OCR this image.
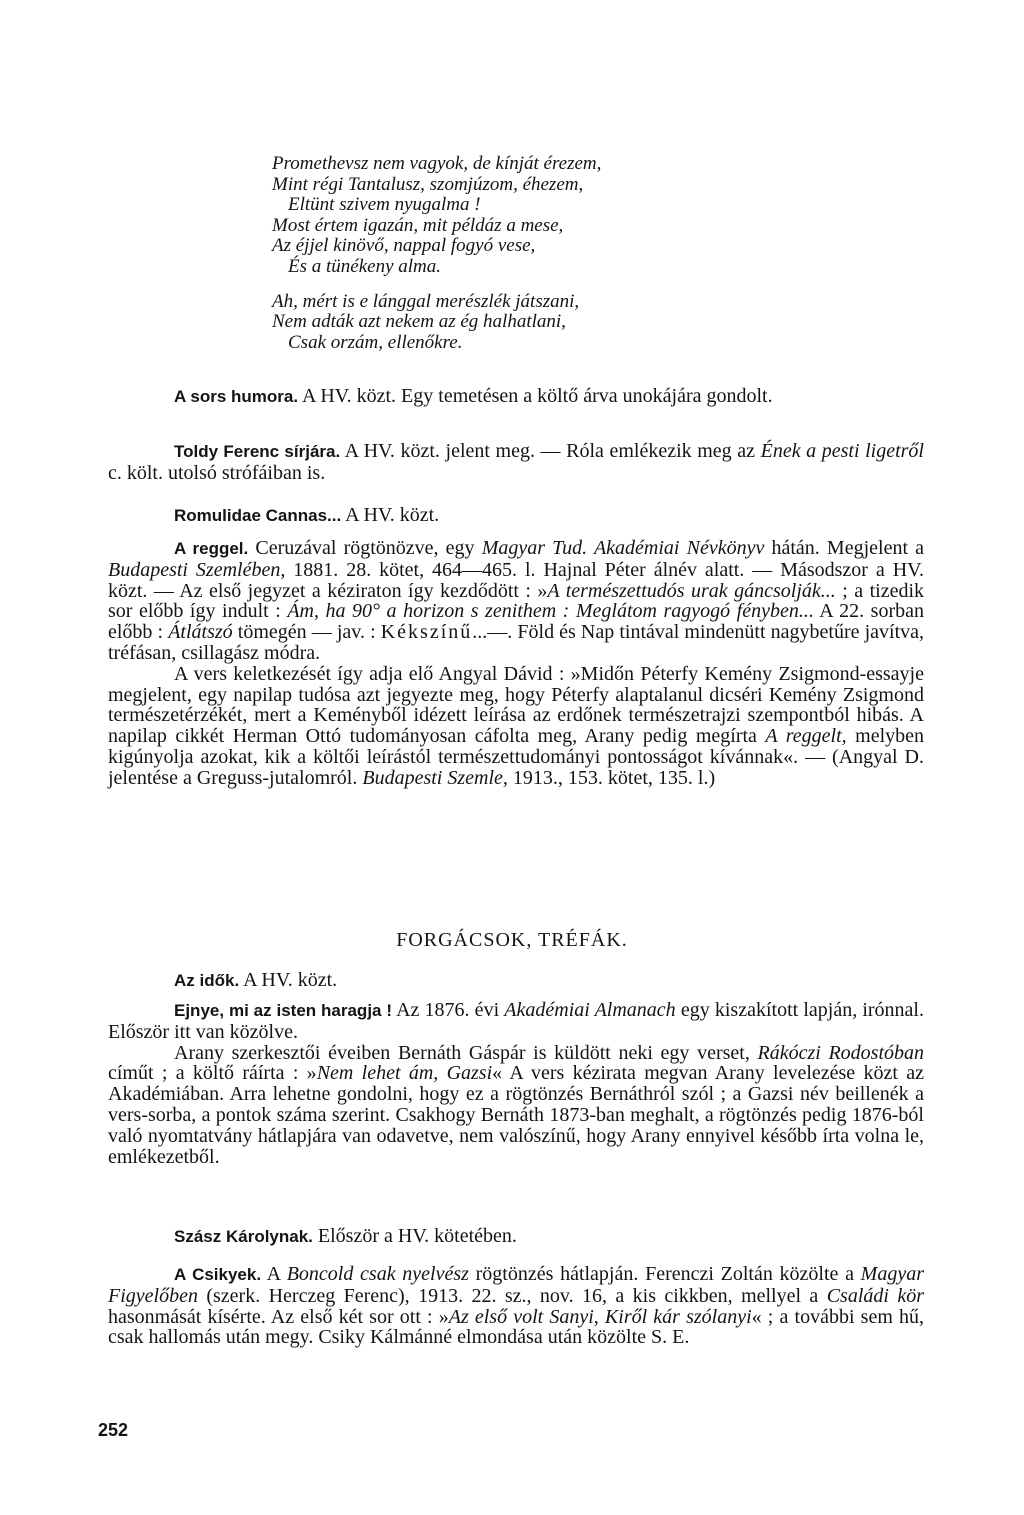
Promethevsz nem vagyok, de kínját érezem,
Mint régi Tantalusz, szomjúzom, éhezem,
Eltünt szivem nyugalma !
Most értem igazán, mit példáz a mese,
Az éjjel kinövő, nappal fogyó vese,
És a tünékeny alma.
Ah, mért is e lánggal merészlék játszani,
Nem adták azt nekem az ég halhatlani,
Csak orzám, ellenőkre.
A sors humora. A HV. közt. Egy temetésen a költő árva unokájára gondolt.
Toldy Ferenc sírjára. A HV. közt. jelent meg. — Róla emlékezik meg az Ének a pesti ligetről c. költ. utolsó strófáiban is.
Romulidae Cannas... A HV. közt.
A reggel. Ceruzával rögtönözve, egy Magyar Tud. Akadémiai Névkönyv hátán. Megjelent a Budapesti Szemlében, 1881. 28. kötet, 464—465. l. Hajnal Péter álnév alatt. — Másodszor a HV. közt. — Az első jegyzet a kéziraton így kezdődött : »A természettudós urak gáncsolják... ; a tizedik sor előbb így indult : Ám, ha 90° a horizon s zenithem : Meglátom ragyogó fényben... A 22. sorban előbb : Átlátszó tömegén — jav. : Kékszínű...—. Föld és Nap tintával mindenütt nagybetűre javítva, tréfásan, csillagász módra.
A vers keletkezését így adja elő Angyal Dávid : »Midőn Péterfy Kemény Zsigmond-essayje megjelent, egy napilap tudósa azt jegyezte meg, hogy Péterfy alaptalanul dicséri Kemény Zsigmond természetérzékét, mert a Keményből idézett leírása az erdőnek természetrajzi szempontból hibás. A napilap cikkét Herman Ottó tudományosan cáfolta meg, Arany pedig megírta A reggelt, melyben kigúnyolja azokat, kik a költői leírástól természettudományi pontosságot kívánnak«. — (Angyal D. jelentése a Greguss-jutalomról. Budapesti Szemle, 1913., 153. kötet, 135. l.)
FORGÁCSOK, TRÉFÁK.
Az idők. A HV. közt.
Ejnye, mi az isten haragja ! Az 1876. évi Akadémiai Almanach egy kiszakított lapján, irónnal. Először itt van közölve.
Arany szerkesztői éveiben Bernáth Gáspár is küldött neki egy verset, Rákóczi Rodostóban címűt ; a költő ráírta : »Nem lehet ám, Gazsi« A vers kézirata megvan Arany levelezése közt az Akadémiában. Arra lehetne gondolni, hogy ez a rögtönzés Bernáthról szól ; a Gazsi név beillenék a vers-sorba, a pontok száma szerint. Csakhogy Bernáth 1873-ban meghalt, a rögtönzés pedig 1876-ból való nyomtatvány hátlapjára van odavetve, nem valószínű, hogy Arany ennyivel később írta volna le, emlékezetből.
Szász Károlynak. Először a HV. kötetében.
A Csikyek. A Boncold csak nyelvész rögtönzés hátlapján. Ferenczi Zoltán közölte a Magyar Figyelőben (szerk. Herczeg Ferenc), 1913. 22. sz., nov. 16, a kis cikkben, mellyel a Családi kör hasonmását kísérte. Az első két sor ott : »Az első volt Sanyi, Kiről kár szólanyi« ; a további sem hű, csak hallomás után megy. Csiky Kálmánné elmondása után közölte S. E.
252
